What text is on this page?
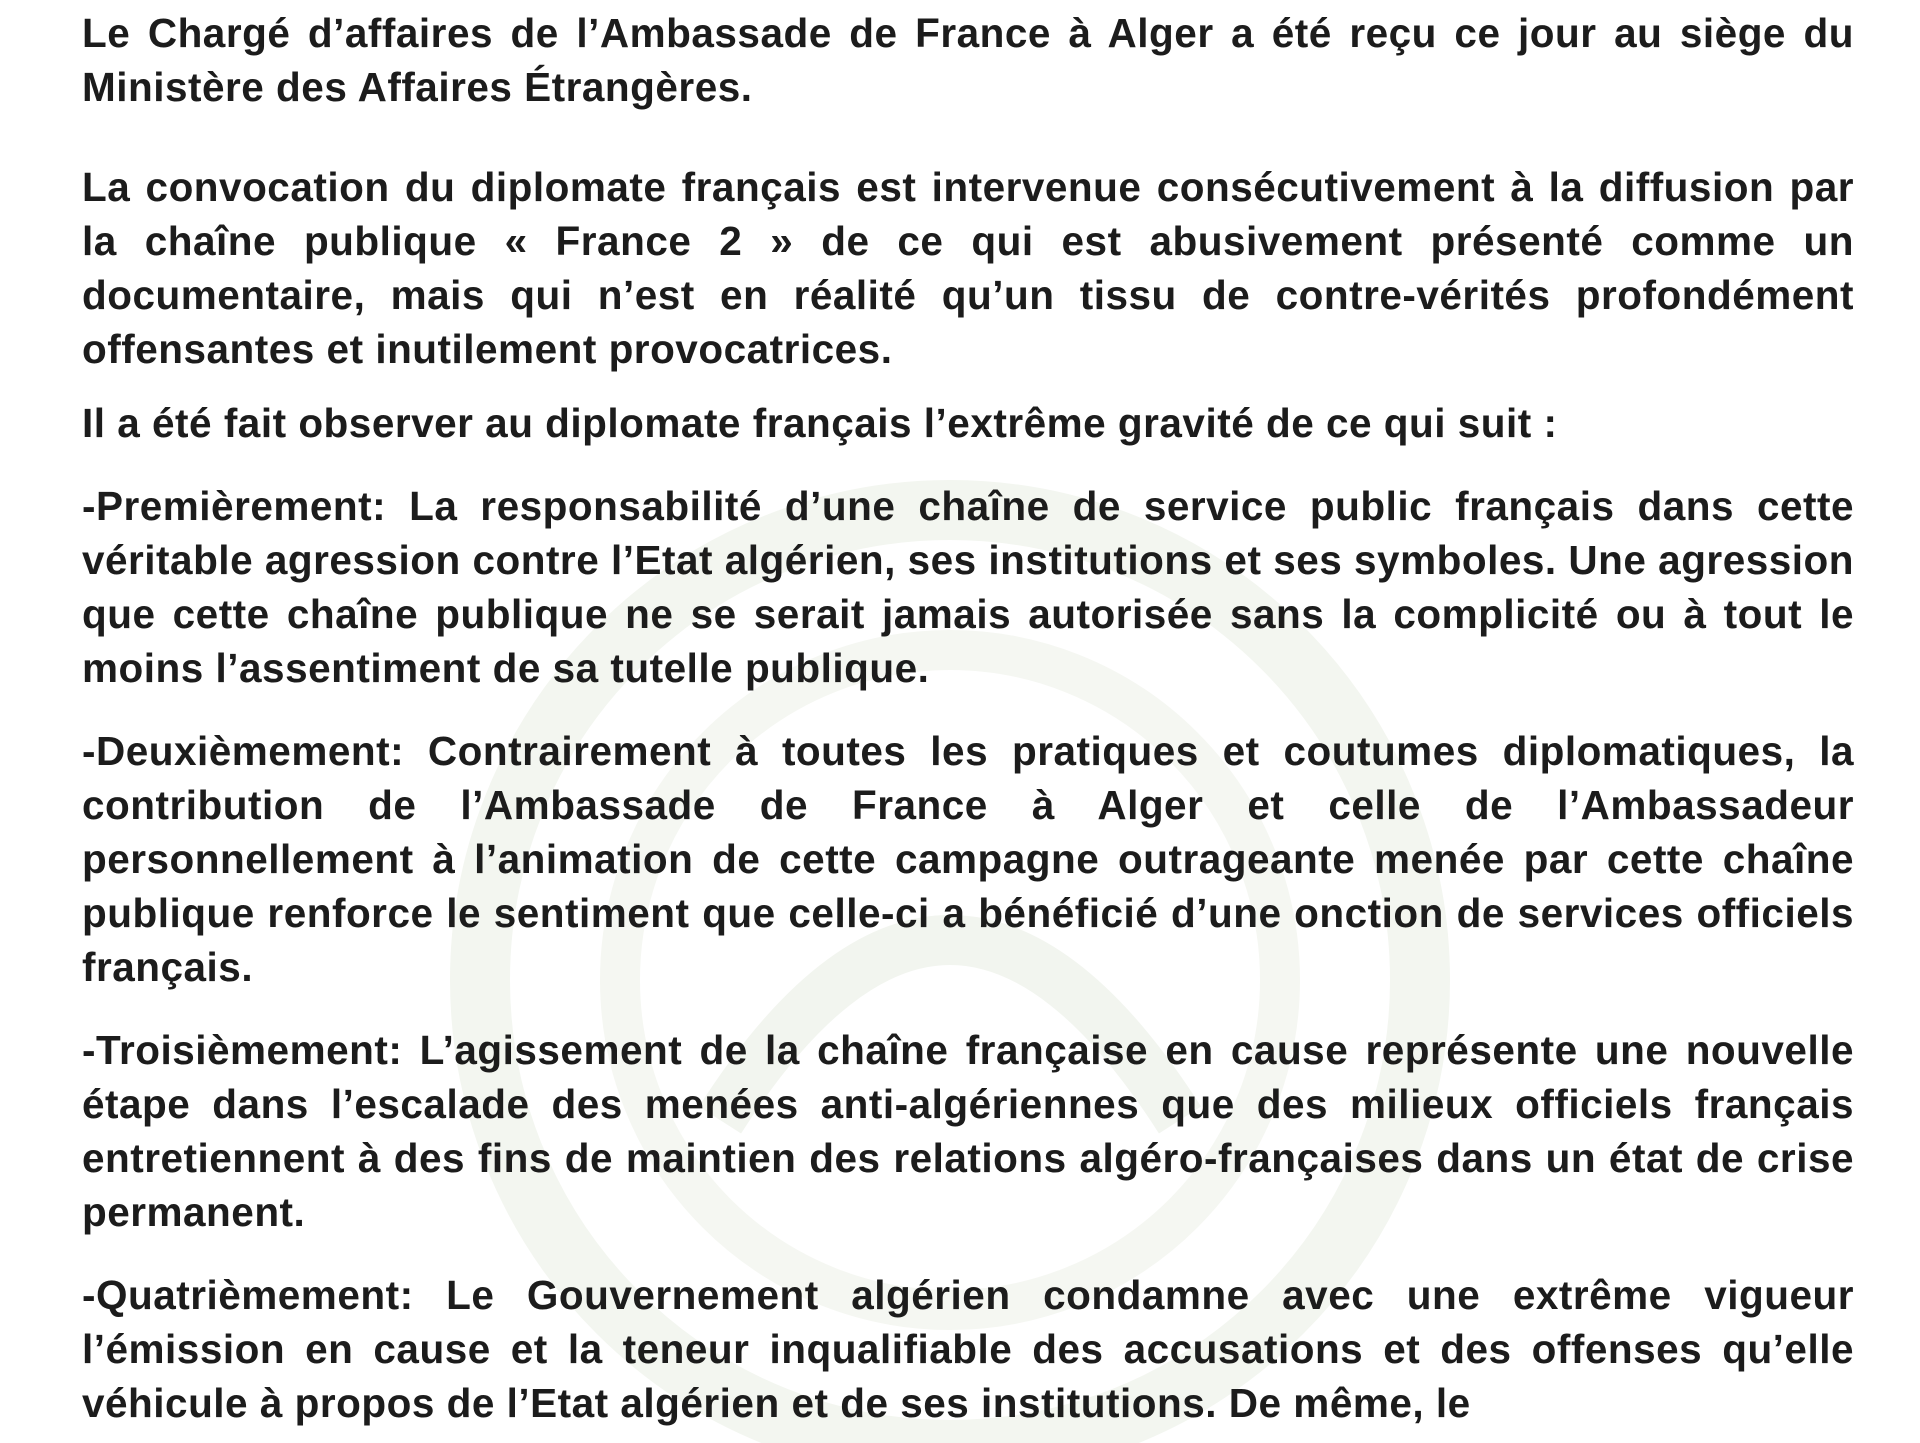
Le Chargé d’affaires de l’Ambassade de France à Alger a été reçu ce jour au siège du Ministère des Affaires Étrangères.

La convocation du diplomate français est intervenue consécutivement à la diffusion par la chaîne publique « France 2 » de ce qui est abusivement présenté comme un documentaire, mais qui n’est en réalité qu’un tissu de contre-vérités profondément offensantes et inutilement provocatrices.

Il a été fait observer au diplomate français l’extrême gravité de ce qui suit :

-Premièrement: La responsabilité d’une chaîne de service public français dans cette véritable agression contre l’Etat algérien, ses institutions et ses symboles. Une agression que cette chaîne publique ne se serait jamais autorisée sans la complicité ou à tout le moins l’assentiment de sa tutelle publique.

-Deuxièmement: Contrairement à toutes les pratiques et coutumes diplomatiques, la contribution de l’Ambassade de France à Alger et celle de l’Ambassadeur personnellement à l’animation de cette campagne outrageante menée par cette chaîne publique renforce le sentiment que celle-ci a bénéficié d’une onction de services officiels français.

-Troisièmement: L’agissement de la chaîne française en cause représente une nouvelle étape dans l’escalade des menées anti-algériennes que des milieux officiels français entretiennent à des fins de maintien des relations algéro-françaises dans un état de crise permanent.

-Quatrièmement: Le Gouvernement algérien condamne avec une extrême vigueur l’émission en cause et la teneur inqualifiable des accusations et des offenses qu’elle véhicule à propos de l’Etat algérien et de ses institutions. De même, le
